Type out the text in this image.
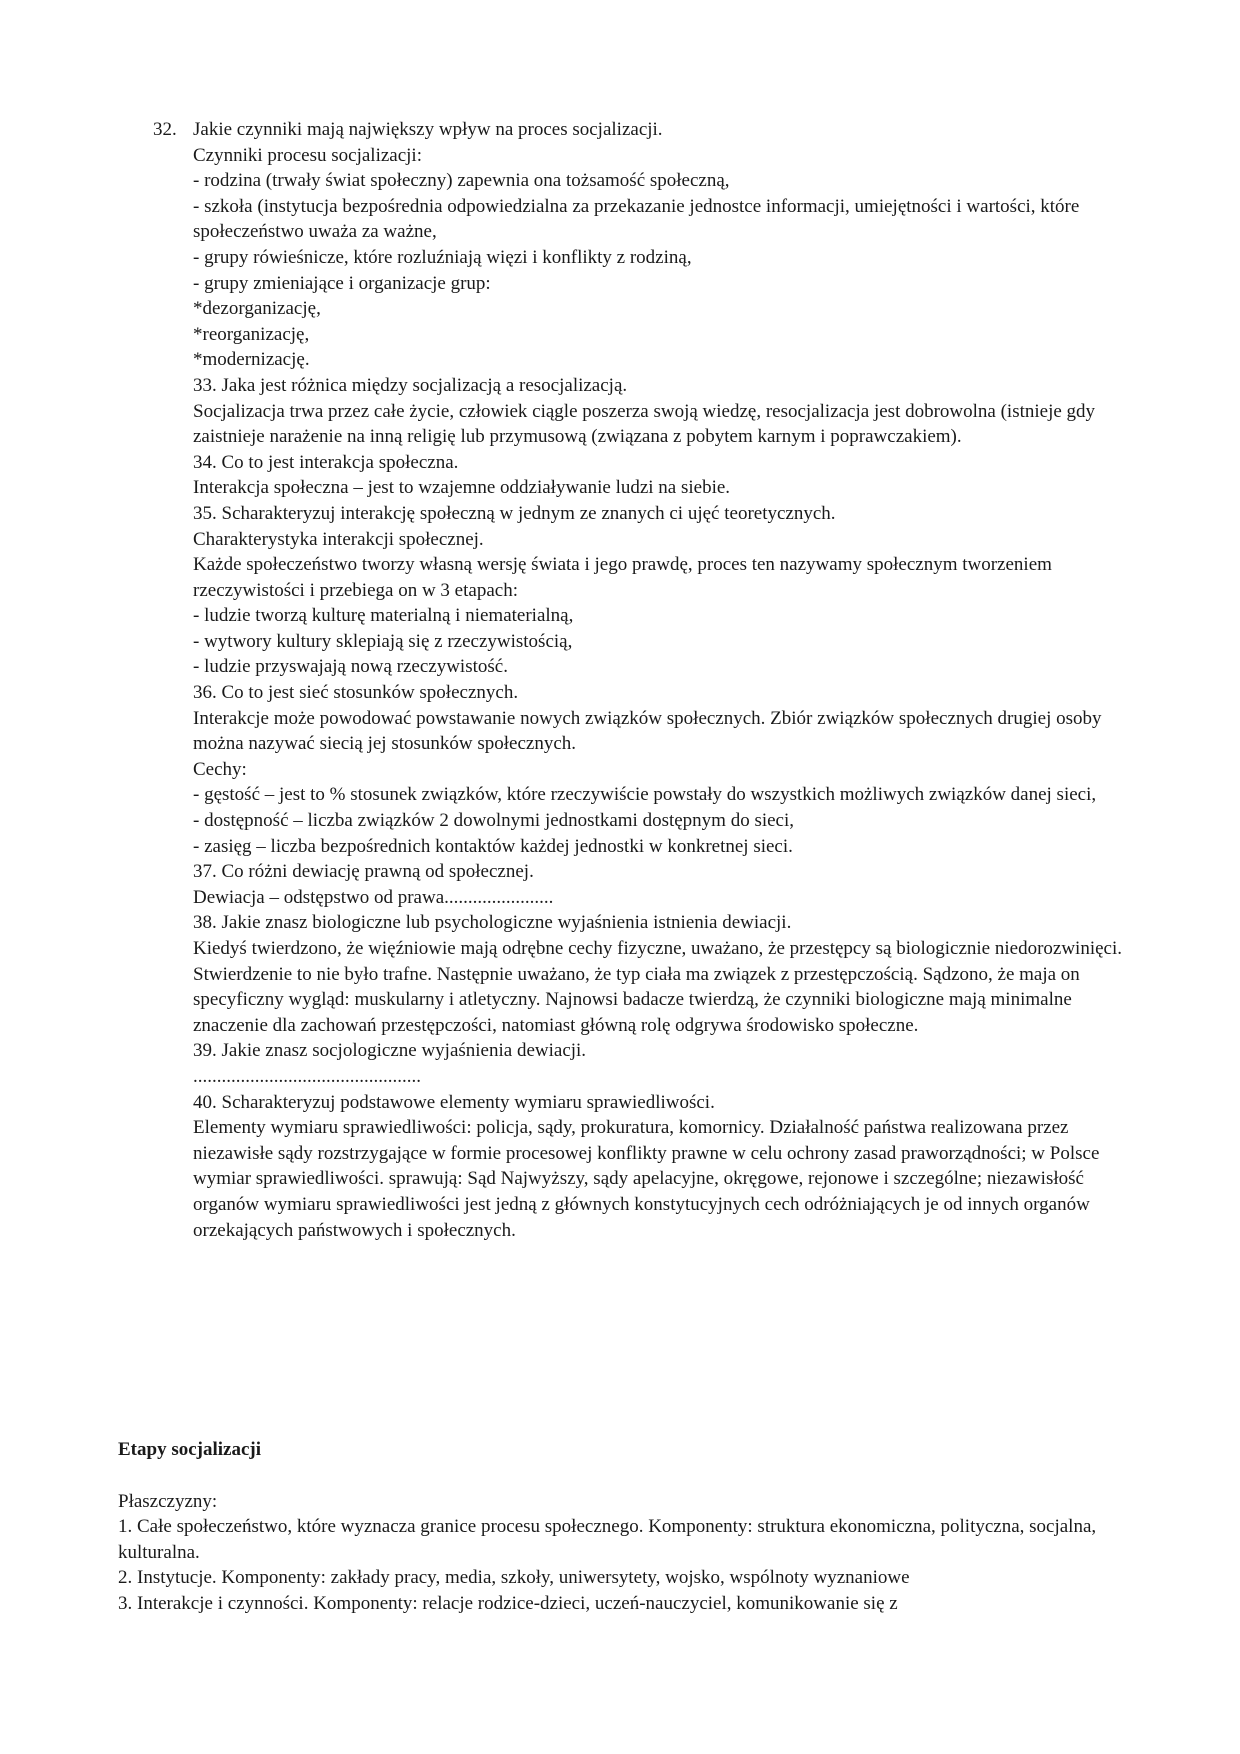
32. Jakie czynniki mają największy wpływ na proces socjalizacji.

Czynniki procesu socjalizacji:

- rodzina (trwały świat społeczny) zapewnia ona tożsamość społeczną,

- szkoła (instytucja bezpośrednia odpowiedzialna za przekazanie jednostce informacji, umiejętności i wartości, które społeczeństwo uważa za ważne,

- grupy rówieśnicze, które rozluźniają więzi i konflikty z rodziną,

- grupy zmieniające i organizacje grup:

*dezorganizację,

*reorganizację,

*modernizację.

33. Jaka jest różnica między socjalizacją a resocjalizacją.

Socjalizacja trwa przez całe życie, człowiek ciągle poszerza swoją wiedzę, resocjalizacja jest dobrowolna (istnieje gdy zaistnieje narażenie na inną religię lub przymusową (związana z pobytem karnym i poprawczakiem).

34. Co to jest interakcja społeczna.

Interakcja społeczna – jest to wzajemne oddziaływanie ludzi na siebie.

35. Scharakteryzuj interakcję społeczną w jednym ze znanych ci ujęć teoretycznych.

Charakterystyka interakcji społecznej.

Każde społeczeństwo tworzy własną wersję świata i jego prawdę, proces ten nazywamy społecznym tworzeniem rzeczywistości i przebiega on w 3 etapach:

- ludzie tworzą kulturę materialną i niematerialną,

- wytwory kultury sklepiają się z rzeczywistością,

- ludzie przyswajają nową rzeczywistość.

36. Co to jest sieć stosunków społecznych.

Interakcje może powodować powstawanie nowych związków społecznych. Zbiór związków społecznych drugiej osoby można nazywać siecią jej stosunków społecznych.

Cechy:

- gęstość – jest to % stosunek związków, które rzeczywiście powstały do wszystkich możliwych związków danej sieci,

- dostępność – liczba związków 2 dowolnymi jednostkami dostępnym do sieci,

- zasięg – liczba bezpośrednich kontaktów każdej jednostki w konkretnej sieci.

37. Co różni dewiację prawną od społecznej.

Dewiacja – odstępstwo od prawa.......................

38. Jakie znasz biologiczne lub psychologiczne wyjaśnienia istnienia dewiacji.

Kiedyś twierdzono, że więźniowie mają odrębne cechy fizyczne, uważano, że przestępcy są biologicznie niedorozwinięci. Stwierdzenie to nie było trafne. Następnie uważano, że typ ciała ma związek z przestępczością. Sądzono, że maja on specyficzny wygląd: muskularny i atletyczny. Najnowsi badacze twierdzą, że czynniki biologiczne mają minimalne znaczenie dla zachowań przestępczości, natomiast główną rolę odgrywa środowisko społeczne.

39. Jakie znasz socjologiczne wyjaśnienia dewiacji.

................................................

40. Scharakteryzuj podstawowe elementy wymiaru sprawiedliwości.

Elementy wymiaru sprawiedliwości: policja, sądy, prokuratura, komornicy. Działalność państwa realizowana przez niezawisłe sądy rozstrzygające w formie procesowej konflikty prawne w celu ochrony zasad praworządności; w Polsce wymiar sprawiedliwości. sprawują: Sąd Najwyższy, sądy apelacyjne, okręgowe, rejonowe i szczególne; niezawisłość organów wymiaru sprawiedliwości jest jedną z głównych konstytucyjnych cech odróżniających je od innych organów orzekających państwowych i społecznych.

Etapy socjalizacji

Płaszczyzny:

1. Całe społeczeństwo, które wyznacza granice procesu społecznego. Komponenty: struktura ekonomiczna, polityczna, socjalna, kulturalna.

2. Instytucje. Komponenty: zakłady pracy, media, szkoły, uniwersytety, wojsko, wspólnoty wyznaniowe

3. Interakcje i czynności. Komponenty: relacje rodzice-dzieci, uczeń-nauczyciel, komunikowanie się z
